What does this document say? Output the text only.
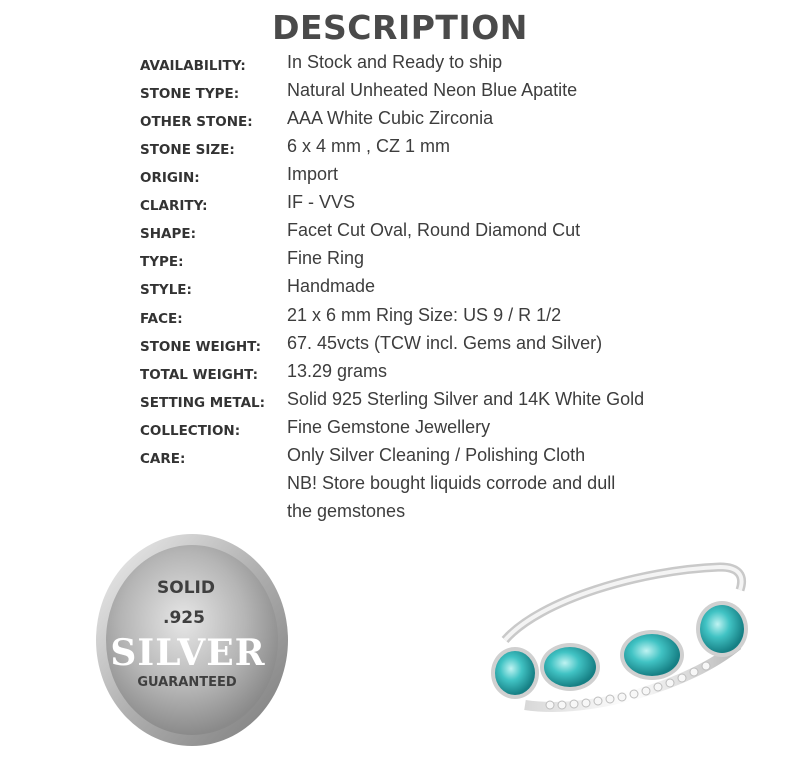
DESCRIPTION
AVAILABILITY: In Stock and Ready to ship
STONE TYPE:	Natural Unheated Neon Blue Apatite
OTHER STONE: AAA White Cubic Zirconia
STONE SIZE:	6 x 4 mm , CZ 1 mm
ORIGIN:	Import
CLARITY:	IF - VVS
SHAPE:	Facet Cut Oval, Round Diamond Cut
TYPE:	Fine Ring
STYLE:	Handmade
FACE:	21 x 6 mm Ring Size: US 9 / R 1/2
STONE WEIGHT: 67. 45vcts (TCW incl. Gems and Silver)
TOTAL WEIGHT: 13.29 grams
SETTING METAL: Solid 925 Sterling Silver and 14K White Gold
COLLECTION:	Fine Gemstone Jewellery
CARE:	Only Silver Cleaning / Polishing Cloth
NB! Store bought liquids corrode and dull
the gemstones
SOLID
.925
SILVER
GUARANTEED
